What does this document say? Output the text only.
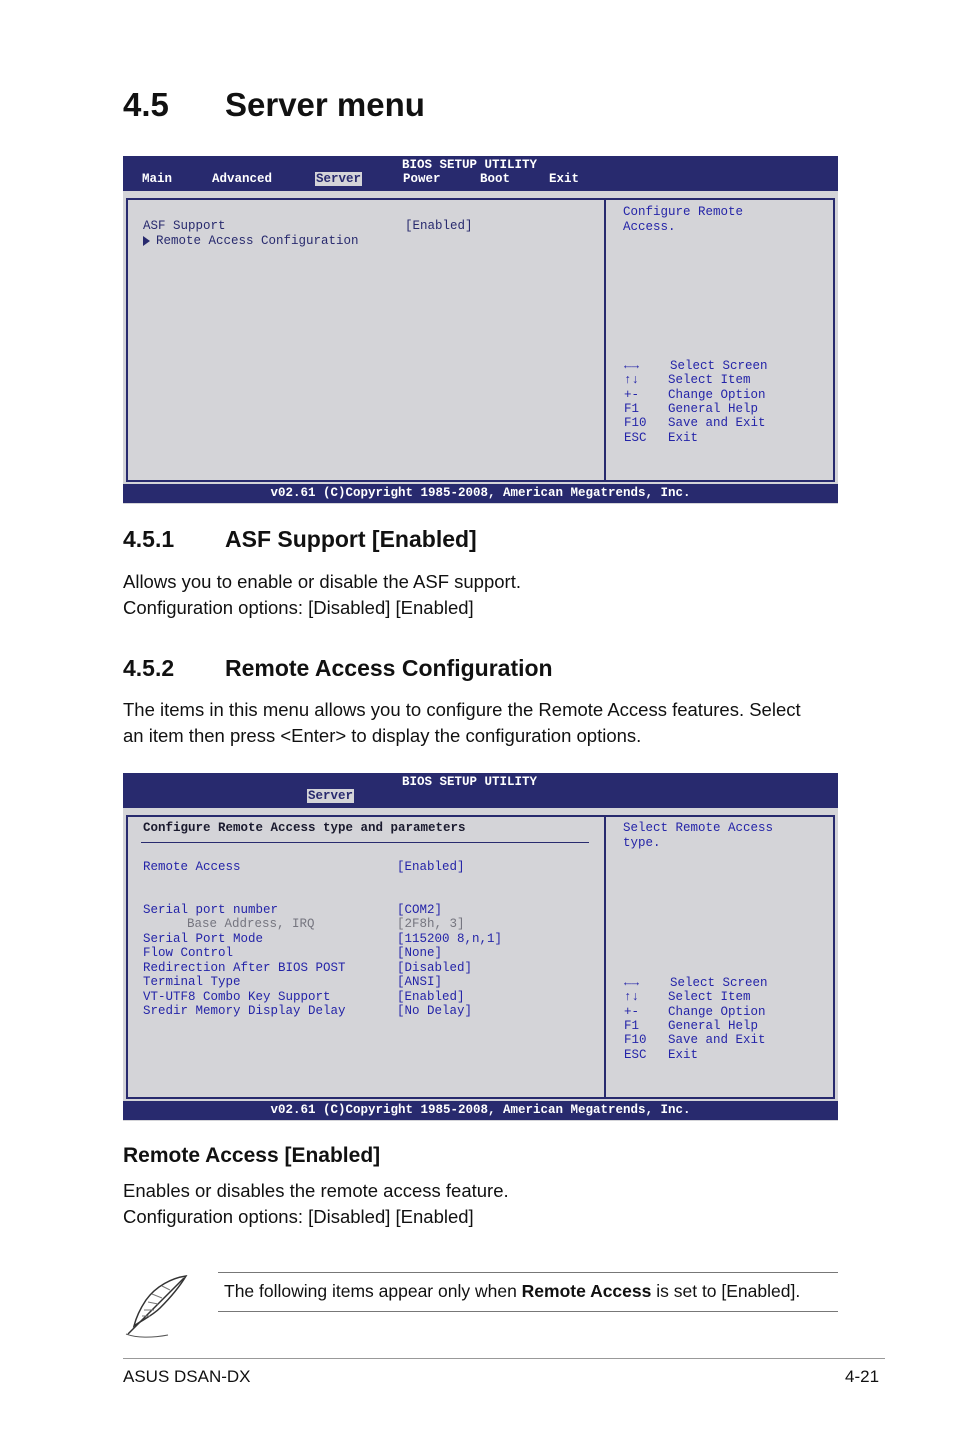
4.5 Server menu
BIOS SETUP UTILITY
Main	Advanced	Server	Power	Boot	Exit
ASF Support	[Enabled]
Remote Access Configuration
Configure Remote
Access.
←→ Select Screen
↑↓ Select Item
+- Change Option
F1 General Help
F10 Save and Exit
ESC Exit
v02.61 (C)Copyright 1985-2008, American Megatrends, Inc.
4.5.1 ASF Support [Enabled]
Allows you to enable or disable the ASF support.
Configuration options: [Disabled] [Enabled]
4.5.2 Remote Access Configuration
The items in this menu allows you to configure the Remote Access features. Select
an item then press <Enter> to display the configuration options.
BIOS SETUP UTILITY
Server
Configure Remote Access type and parameters
Remote Access	[Enabled]
Serial port number	[COM2]
Base Address, IRQ	[2F8h, 3]
Serial Port Mode	[115200 8,n,1]
Flow Control	[None]
Redirection After BIOS POST	[Disabled]
Terminal Type	[ANSI]
VT-UTF8 Combo Key Support	[Enabled]
Sredir Memory Display Delay	[No Delay]
Select Remote Access
type.
←→ Select Screen
↑↓ Select Item
+- Change Option
F1 General Help
F10 Save and Exit
ESC Exit
v02.61 (C)Copyright 1985-2008, American Megatrends, Inc.
Remote Access [Enabled]
Enables or disables the remote access feature.
Configuration options: [Disabled] [Enabled]
The following items appear only when Remote Access is set to [Enabled].
ASUS DSAN-DX	4-21
